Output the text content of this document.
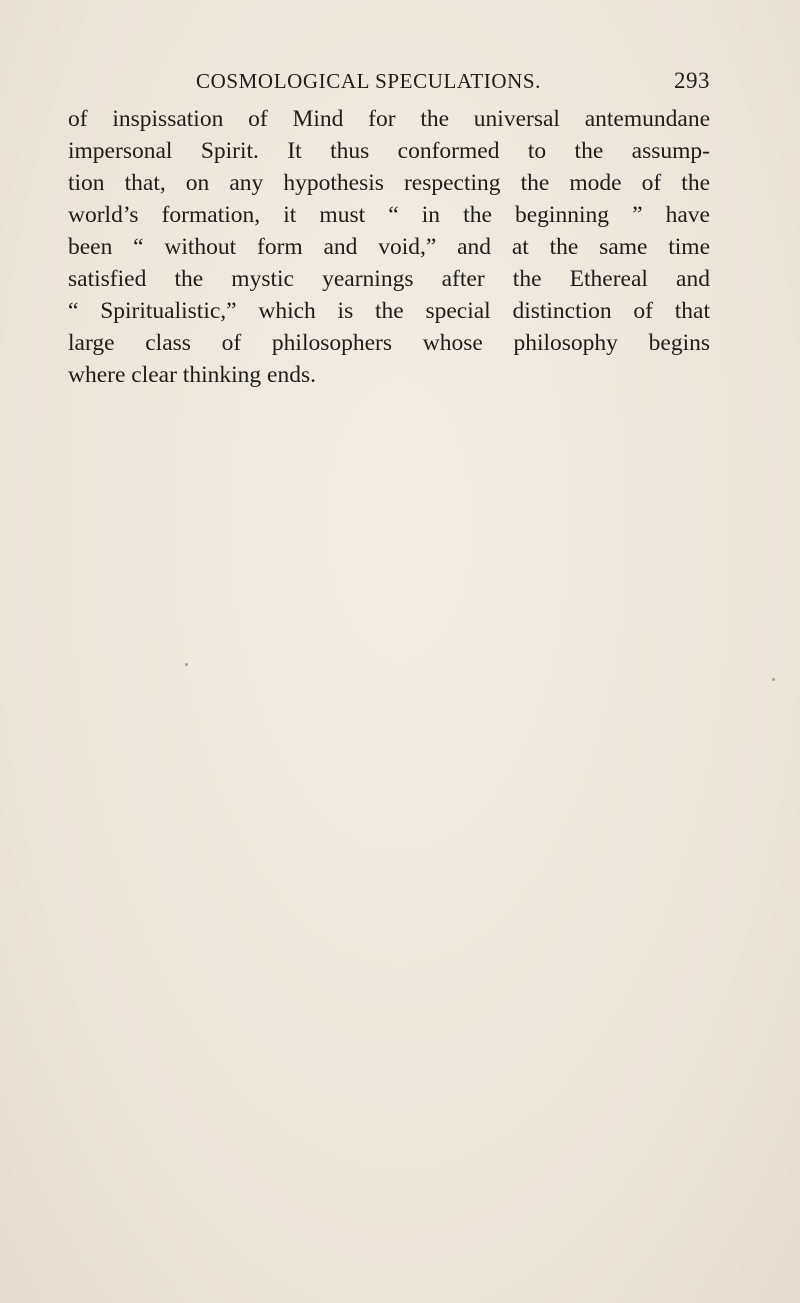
COSMOLOGICAL SPECULATIONS.	293

of inspissation of Mind for the universal antemundane
impersonal Spirit. It thus conformed to the assump-
tion that, on any hypothesis respecting the mode of the
world’s formation, it must “ in the beginning ” have
been “ without form and void,” and at the same time
satisfied the mystic yearnings after the Ethereal and
“ Spiritualistic,” which is the special distinction of that
large class of philosophers whose philosophy begins
where clear thinking ends.
